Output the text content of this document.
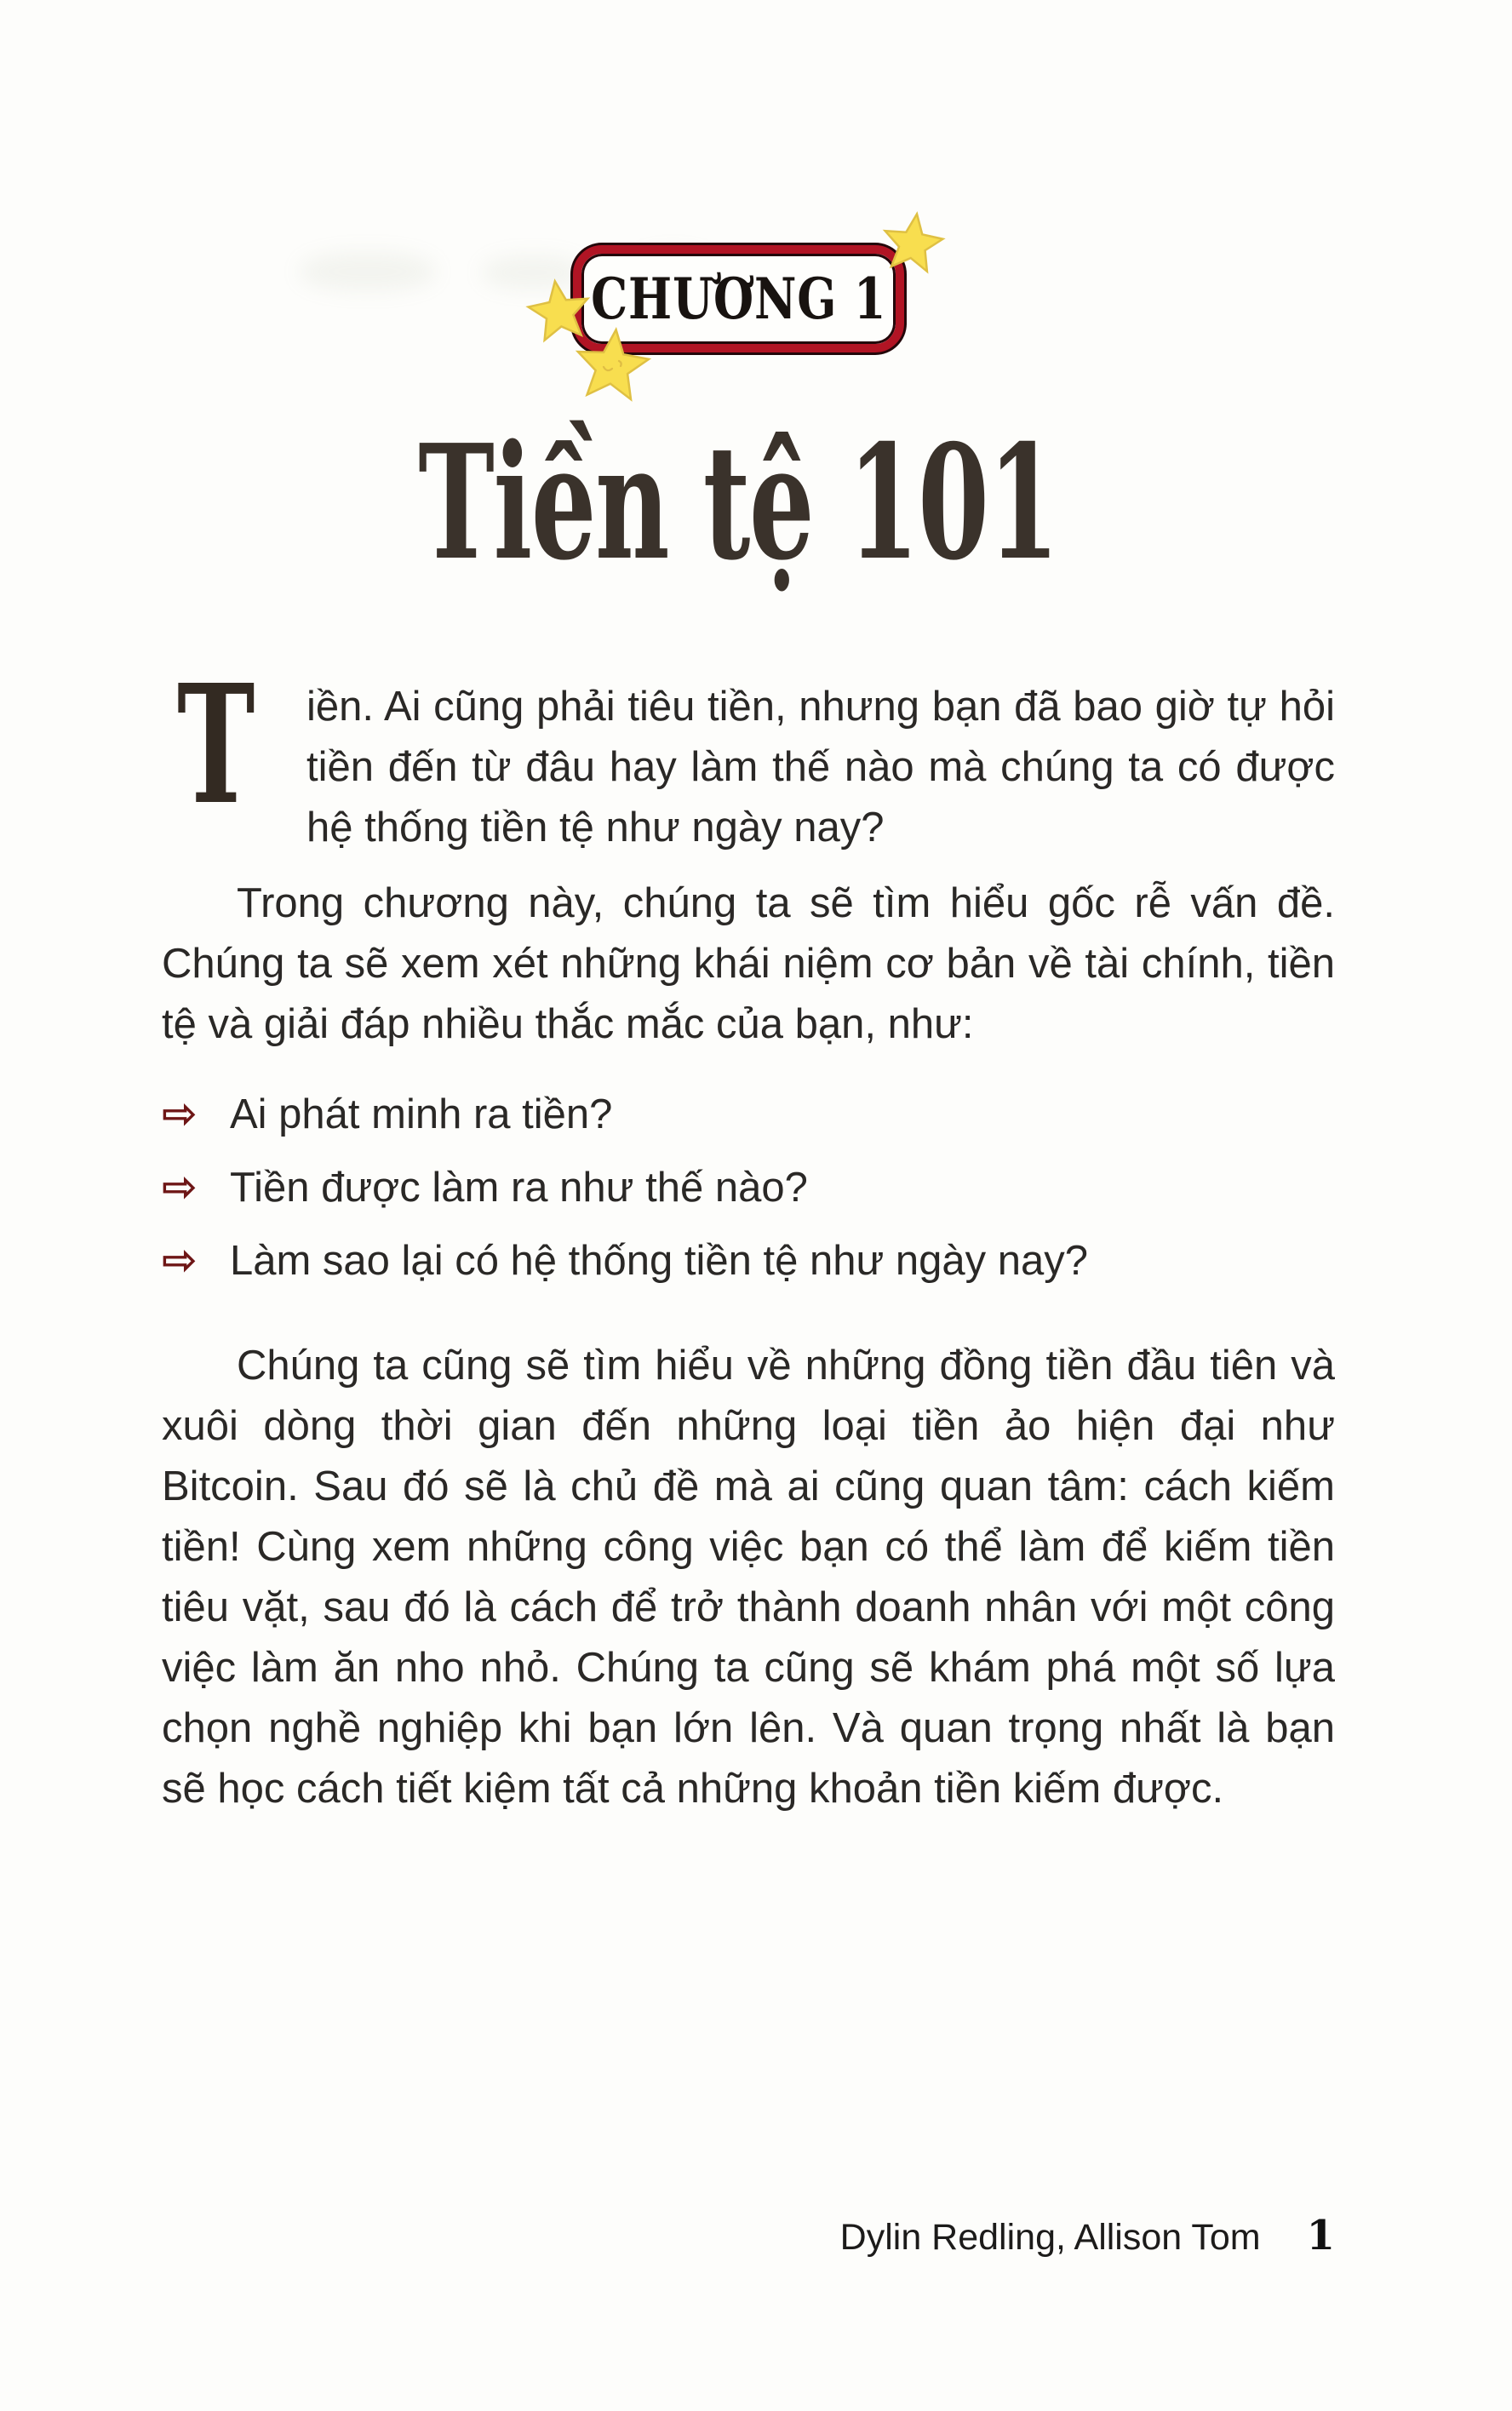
CHƯƠNG 1
Tiền tệ 101

T	iền. Ai cũng phải tiêu tiền, nhưng bạn đã bao giờ tự hỏi tiền đến từ đâu hay làm thế nào mà chúng ta có được hệ thống tiền tệ như ngày nay?

Trong chương này, chúng ta sẽ tìm hiểu gốc rễ vấn đề. Chúng ta sẽ xem xét những khái niệm cơ bản về tài chính, tiền tệ và giải đáp nhiều thắc mắc của bạn, như:

⇨ Ai phát minh ra tiền?
⇨ Tiền được làm ra như thế nào?
⇨ Làm sao lại có hệ thống tiền tệ như ngày nay?

Chúng ta cũng sẽ tìm hiểu về những đồng tiền đầu tiên và xuôi dòng thời gian đến những loại tiền ảo hiện đại như Bitcoin. Sau đó sẽ là chủ đề mà ai cũng quan tâm: cách kiếm tiền! Cùng xem những công việc bạn có thể làm để kiếm tiền tiêu vặt, sau đó là cách để trở thành doanh nhân với một công việc làm ăn nho nhỏ. Chúng ta cũng sẽ khám phá một số lựa chọn nghề nghiệp khi bạn lớn lên. Và quan trọng nhất là bạn sẽ học cách tiết kiệm tất cả những khoản tiền kiếm được.

Dylin Redling, Allison Tom 1
